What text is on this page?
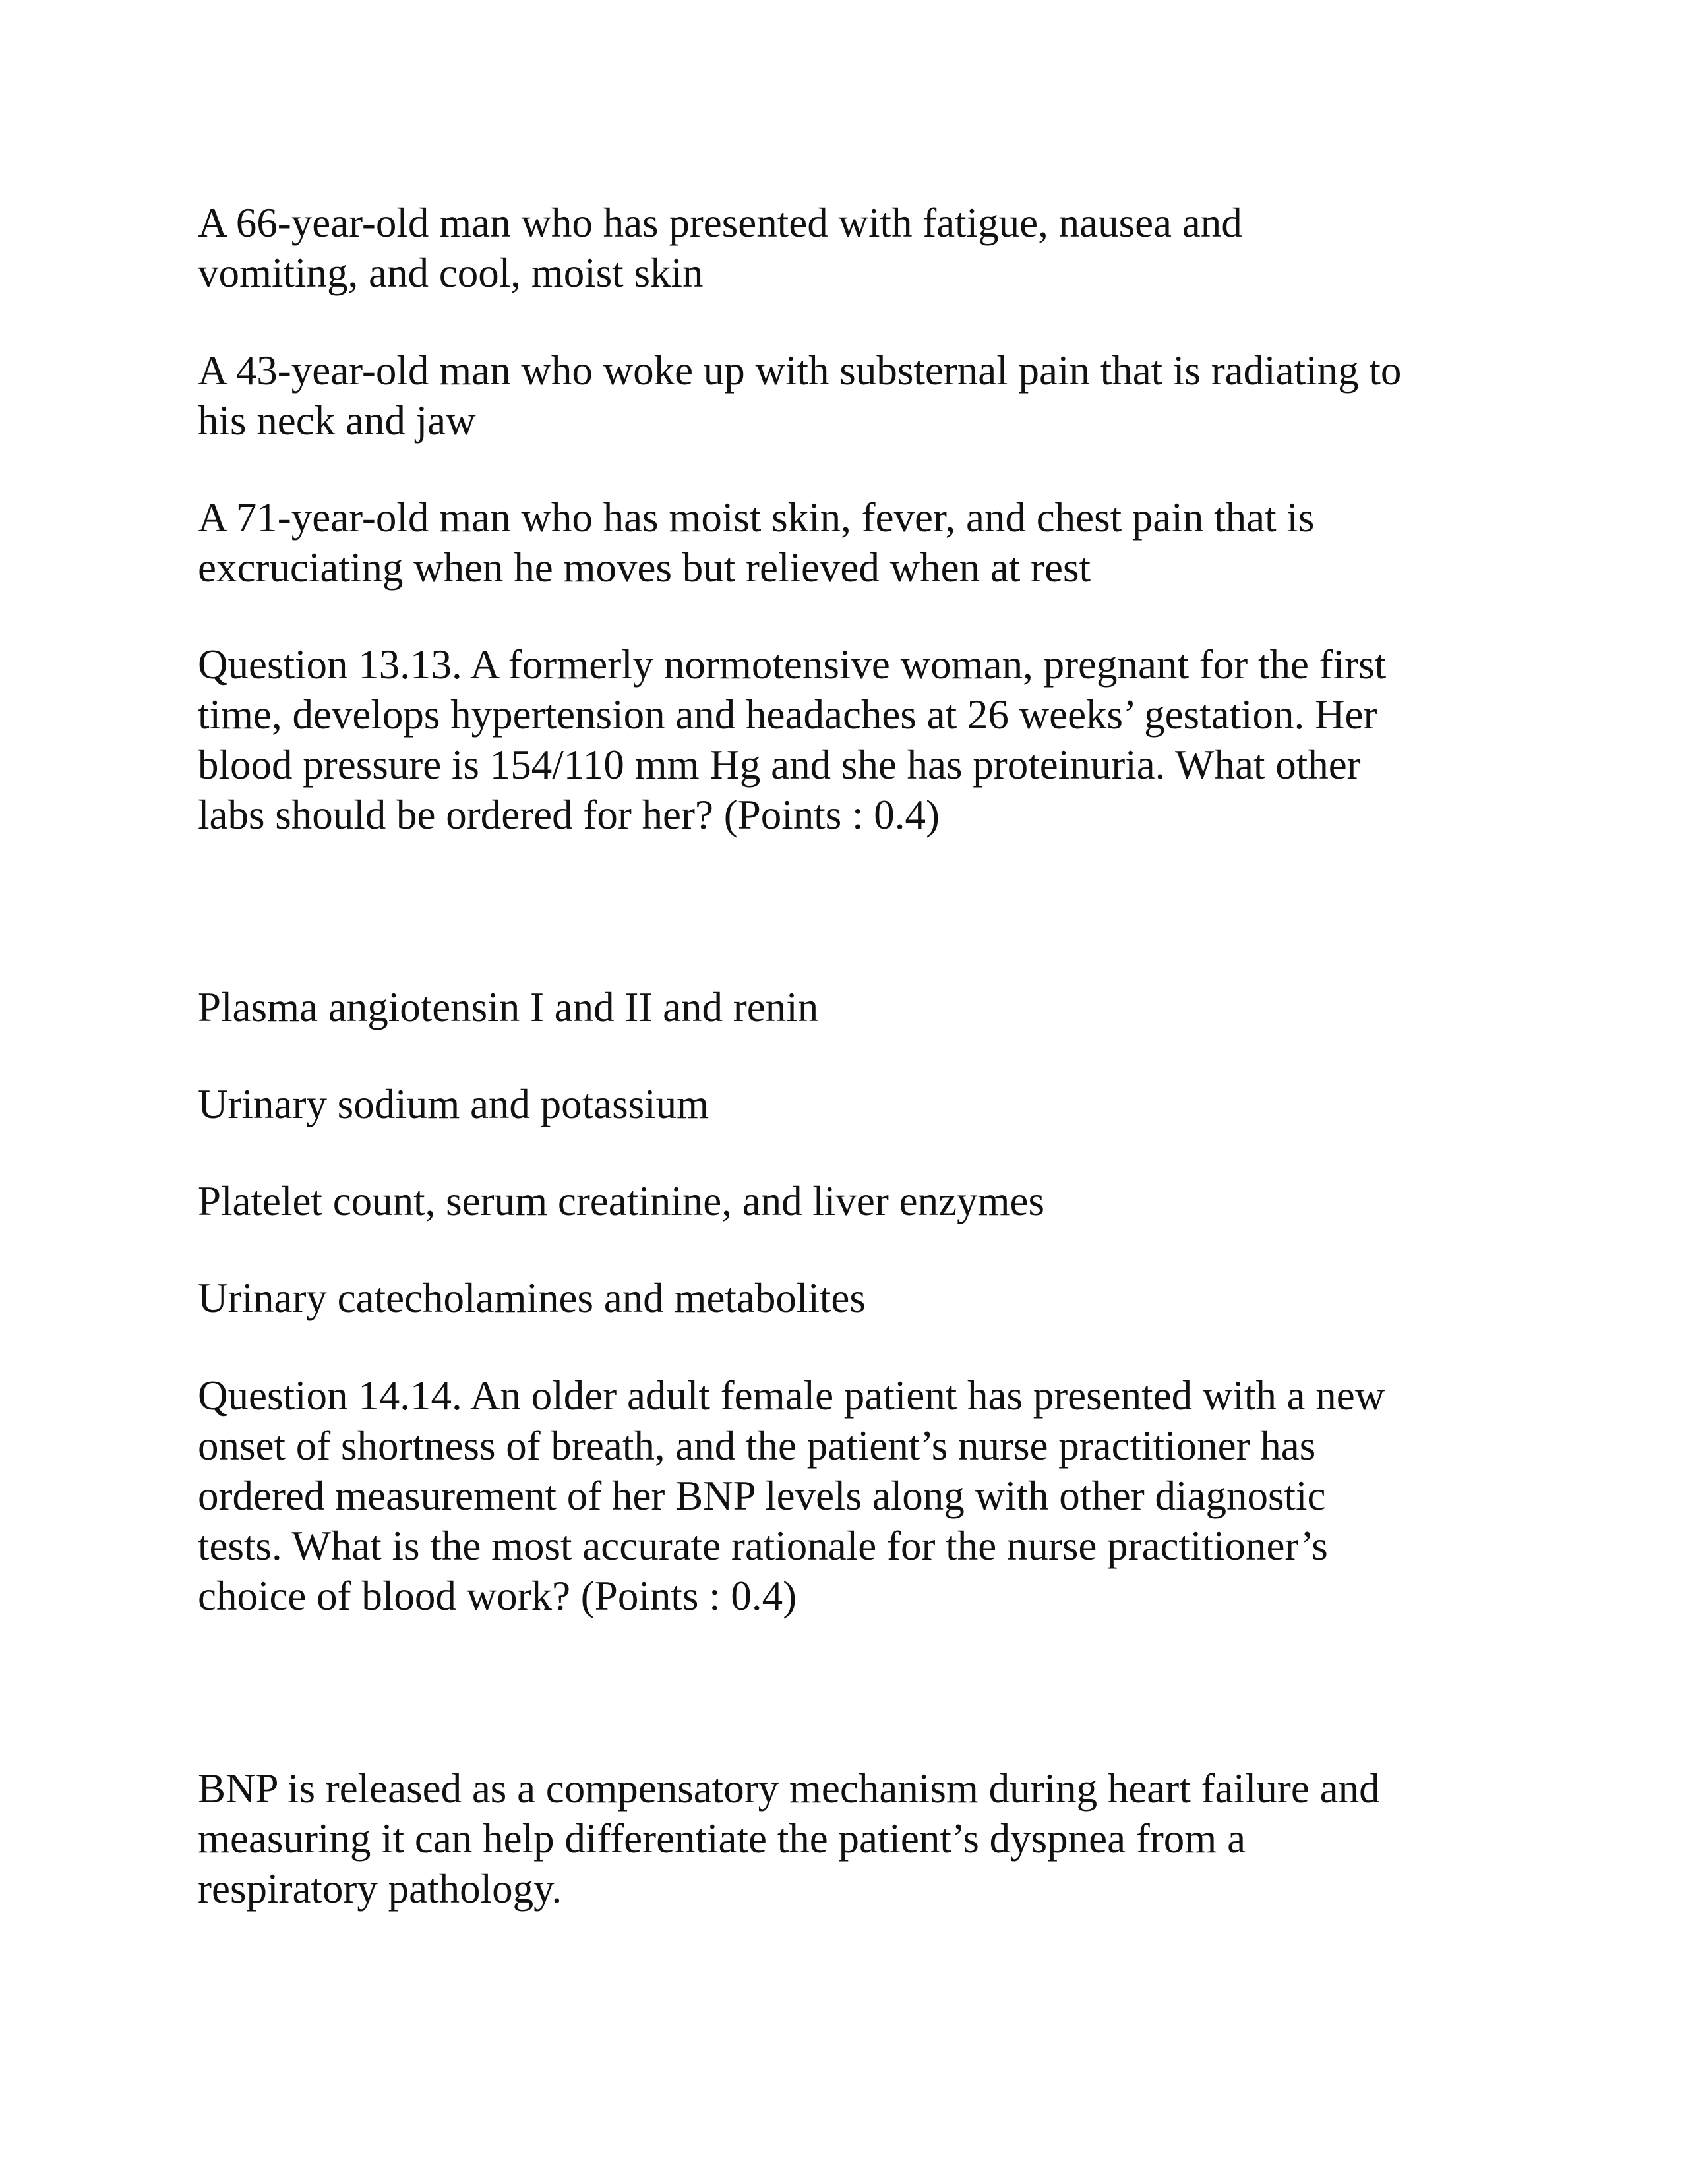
A 66-year-old man who has presented with fatigue, nausea and
vomiting, and cool, moist skin

A 43-year-old man who woke up with substernal pain that is radiating to
his neck and jaw

A 71-year-old man who has moist skin, fever, and chest pain that is
excruciating when he moves but relieved when at rest

Question 13.13. A formerly normotensive woman, pregnant for the first
time, develops hypertension and headaches at 26 weeks’ gestation. Her
blood pressure is 154/110 mm Hg and she has proteinuria. What other
labs should be ordered for her? (Points : 0.4)

Plasma angiotensin I and II and renin

Urinary sodium and potassium

Platelet count, serum creatinine, and liver enzymes

Urinary catecholamines and metabolites

Question 14.14. An older adult female patient has presented with a new
onset of shortness of breath, and the patient’s nurse practitioner has
ordered measurement of her BNP levels along with other diagnostic
tests. What is the most accurate rationale for the nurse practitioner’s
choice of blood work? (Points : 0.4)

BNP is released as a compensatory mechanism during heart failure and
measuring it can help differentiate the patient’s dyspnea from a
respiratory pathology.
